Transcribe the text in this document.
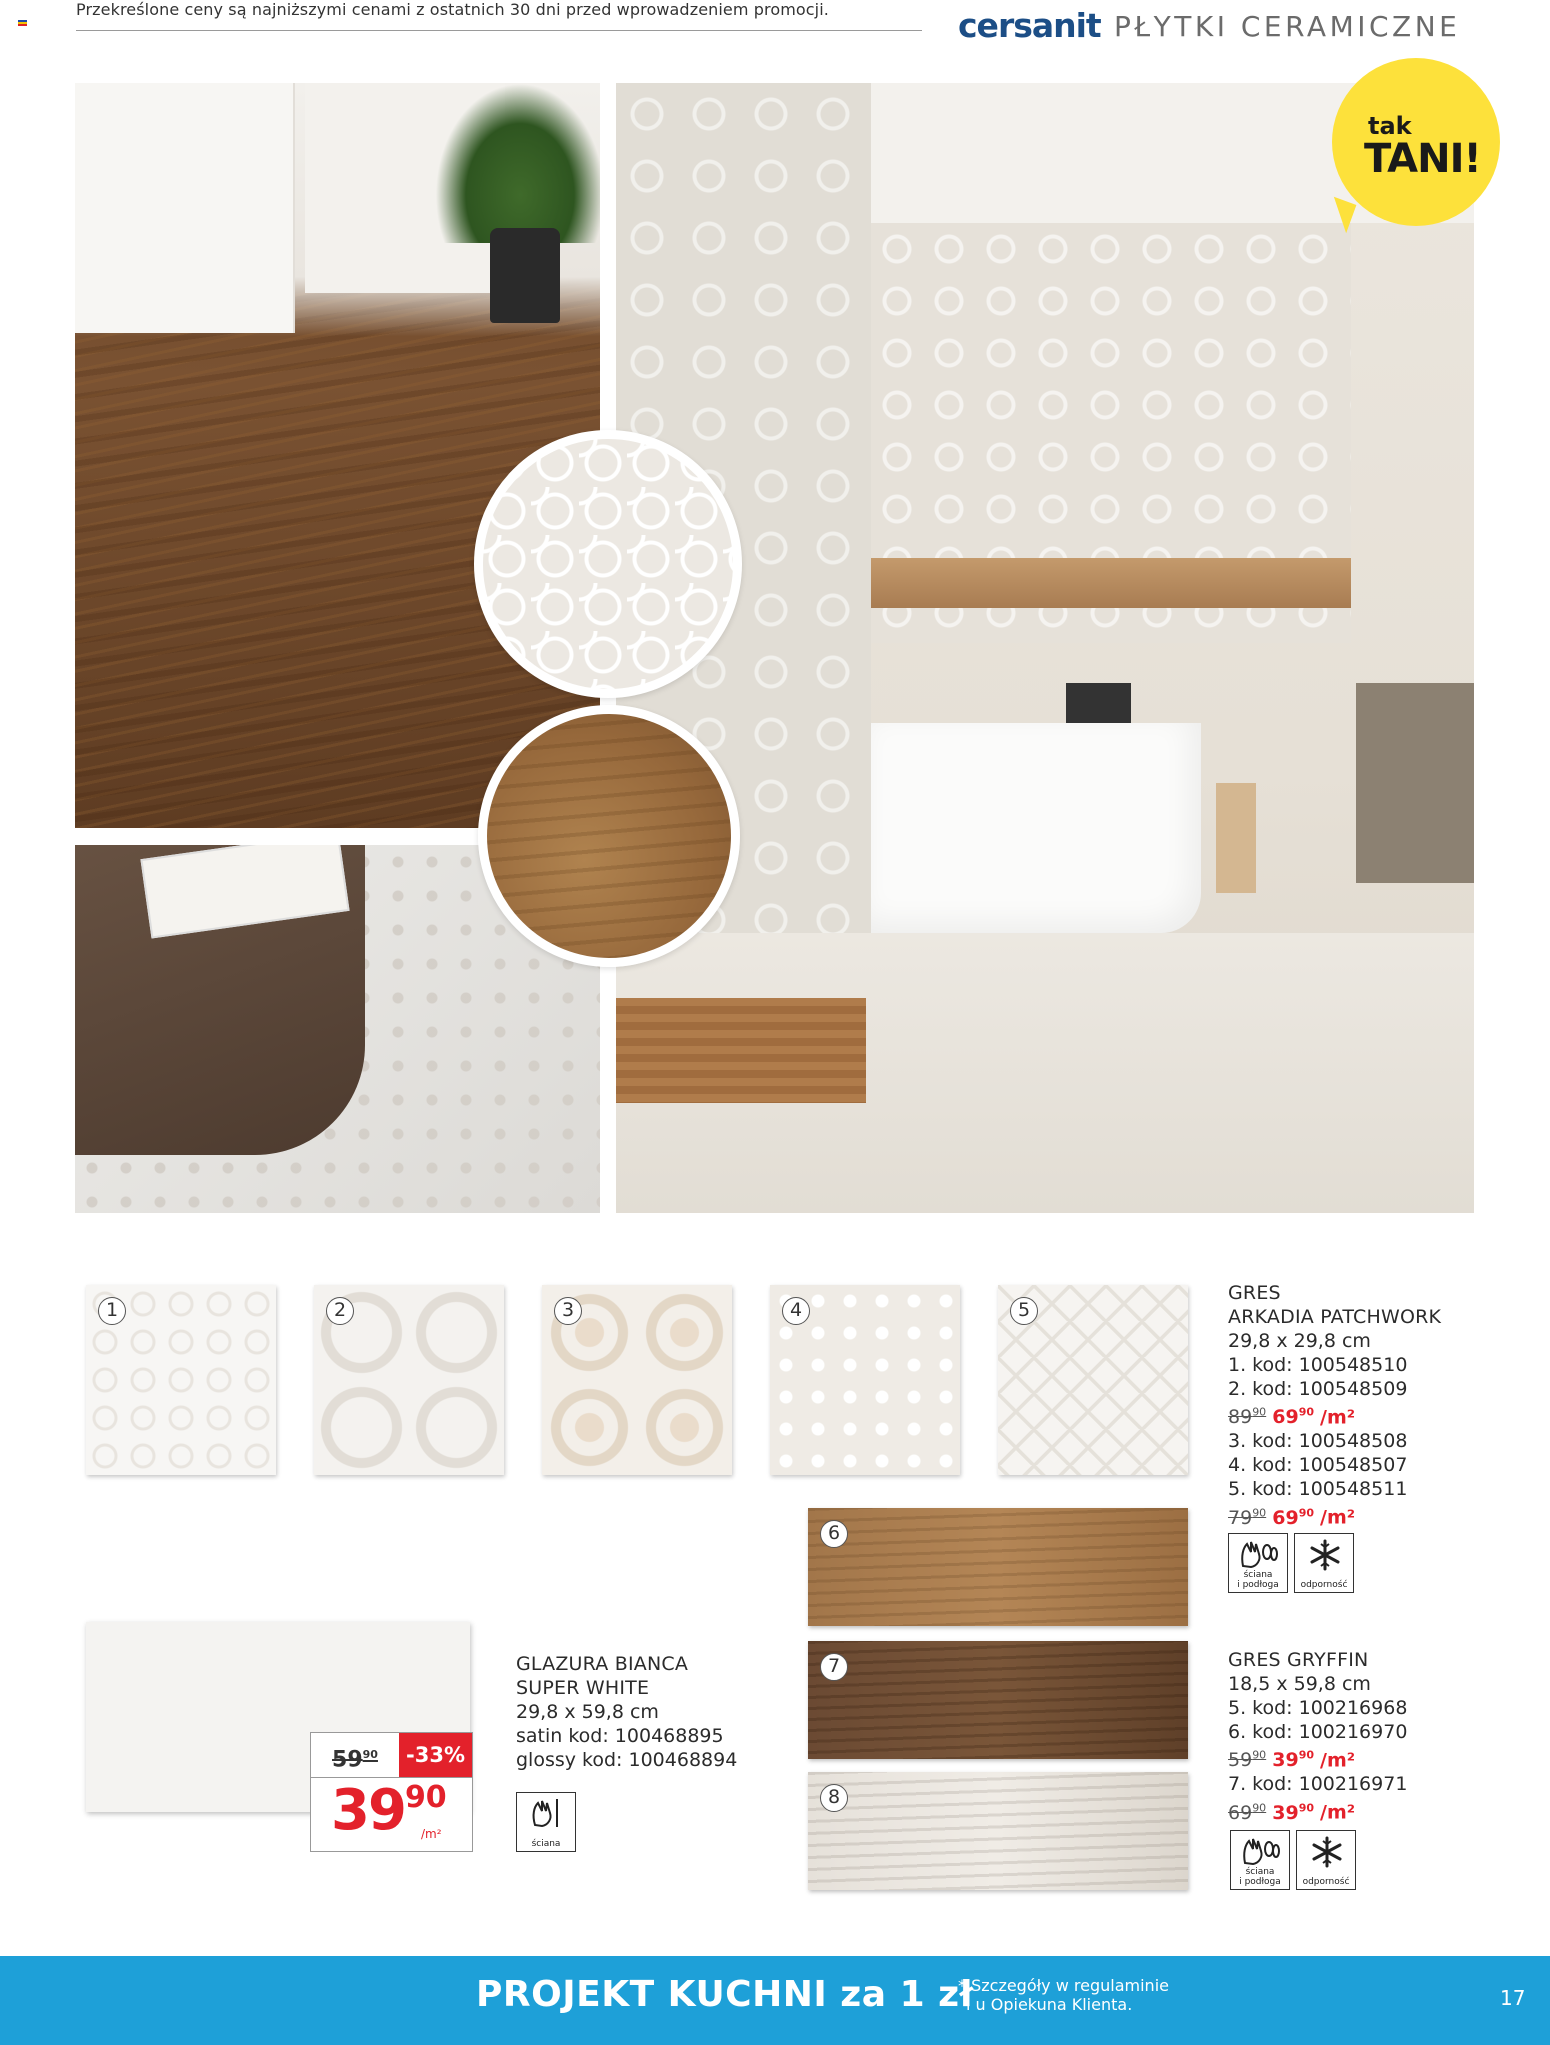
Przekreślone ceny są najniższymi cenami z ostatnich 30 dni przed wprowadzeniem promocji.	cersanit PŁYTKI CERAMICZNE
tak
TANI!
1	2	3	4	5
GRES
ARKADIA PATCHWORK
29,8 x 29,8 cm
1. kod: 100548510
2. kod: 100548509
$89^{90}$ $69^{90}$ /m²
3. kod: 100548508
4. kod: 100548507
5. kod: 100548511
$79^{90}$ $69^{90}$ /m²
ściana
i podłoga	odporność
6
7
8
$59^{90}$	-33%
$39^{90}$
/m²
GLAZURA BIANCA
SUPER WHITE
29,8 x 59,8 cm
satin kod: 100468895
glossy kod: 100468894
ściana
GRES GRYFFIN
18,5 x 59,8 cm
5. kod: 100216968
6. kod: 100216970
$59^{90}$ $39^{90}$ /m²
7. kod: 100216971
$69^{90}$ $39^{90}$ /m²
ściana
i podłoga	odporność
PROJEKT KUCHNI za 1 zł
* Szczegóły w regulaminie
i u Opiekuna Klienta.	17
